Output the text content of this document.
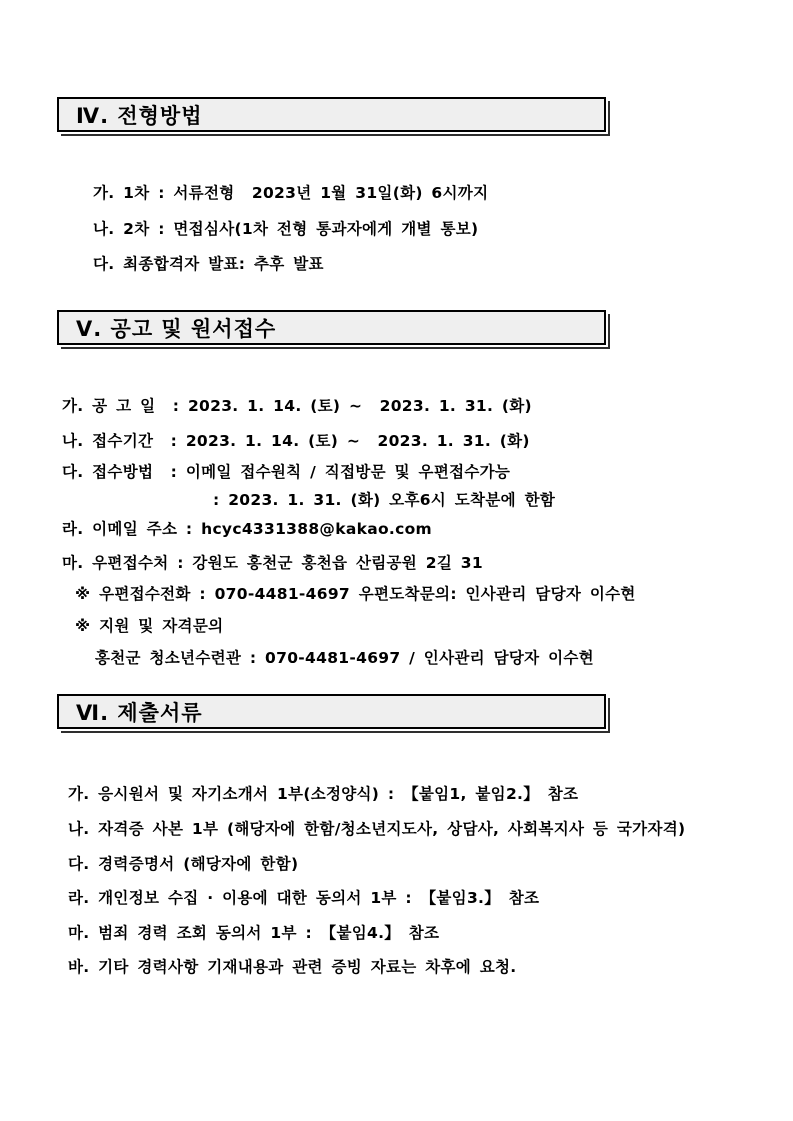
Ⅳ. 전형방법

가. 1차 : 서류전형  2023년 1월 31일(화) 6시까지

나. 2차 : 면접심사(1차 전형 통과자에게 개별 통보)

다. 최종합격자 발표: 추후 발표

Ⅴ. 공고 및 원서접수

가. 공 고 일  : 2023. 1. 14. (토) ~  2023. 1. 31. (화)

나. 접수기간  : 2023. 1. 14. (토) ~  2023. 1. 31. (화)

다. 접수방법  : 이메일 접수원칙 / 직접방문 및 우편접수가능

: 2023. 1. 31. (화) 오후6시 도착분에 한함

라. 이메일 주소 : hcyc4331388@kakao.com

마. 우편접수처 : 강원도 홍천군 홍천읍 산림공원 2길 31

※ 우편접수전화 : 070-4481-4697 우편도착문의: 인사관리 담당자 이수현

※ 지원 및 자격문의

홍천군 청소년수련관 : 070-4481-4697 / 인사관리 담당자 이수현

Ⅵ. 제출서류

가. 응시원서 및 자기소개서 1부(소정양식) : 【붙임1, 붙임2.】 참조

나. 자격증 사본 1부 (해당자에 한함/청소년지도사, 상담사, 사회복지사 등 국가자격)

다. 경력증명서 (해당자에 한함)

라. 개인정보 수집 · 이용에 대한 동의서 1부 : 【붙임3.】 참조

마. 범죄 경력 조회 동의서 1부 : 【붙임4.】 참조

바. 기타 경력사항 기재내용과 관련 증빙 자료는 차후에 요청.
